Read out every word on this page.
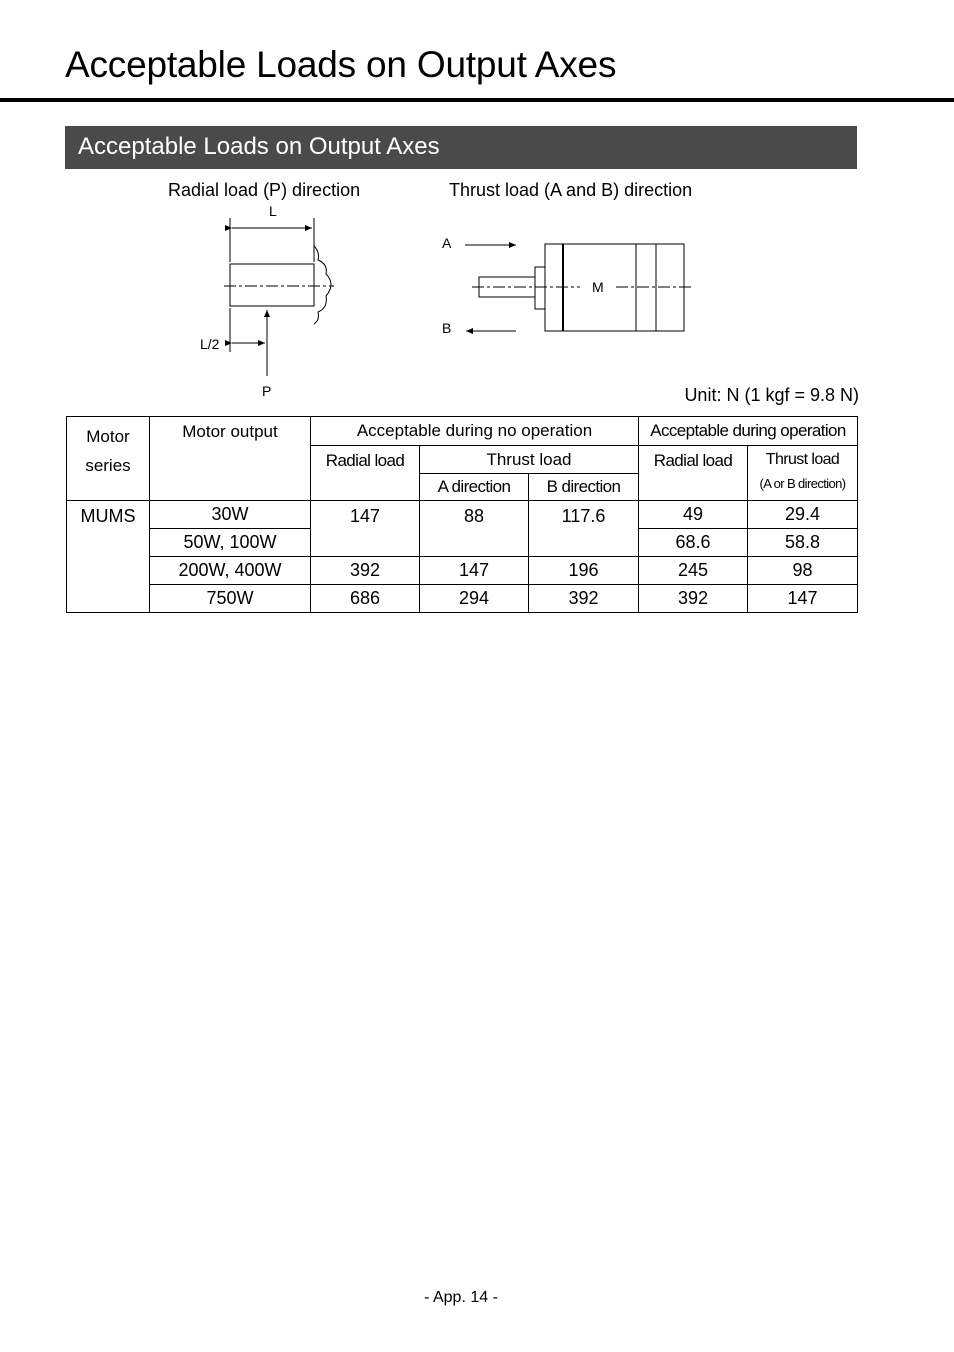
Acceptable Loads on Output Axes
Acceptable Loads on Output Axes
Radial load (P) direction	Thrust load (A and B) direction
L
P
L/2
A
B
M
Unit: N (1 kgf = 9.8 N)
Motor
series	Motor output	Acceptable during no operation			Acceptable during operation	
		Radial load	Thrust load		Radial load	Thrust load
(A or B direction)

			A direction	B direction		
MUMS	30W	147	88	117.6	49	29.4
	50W, 100W				68.6	58.8
	200W, 400W	392	147	196	245	98
	750W	686	294	392	392	147
- App. 14 -
